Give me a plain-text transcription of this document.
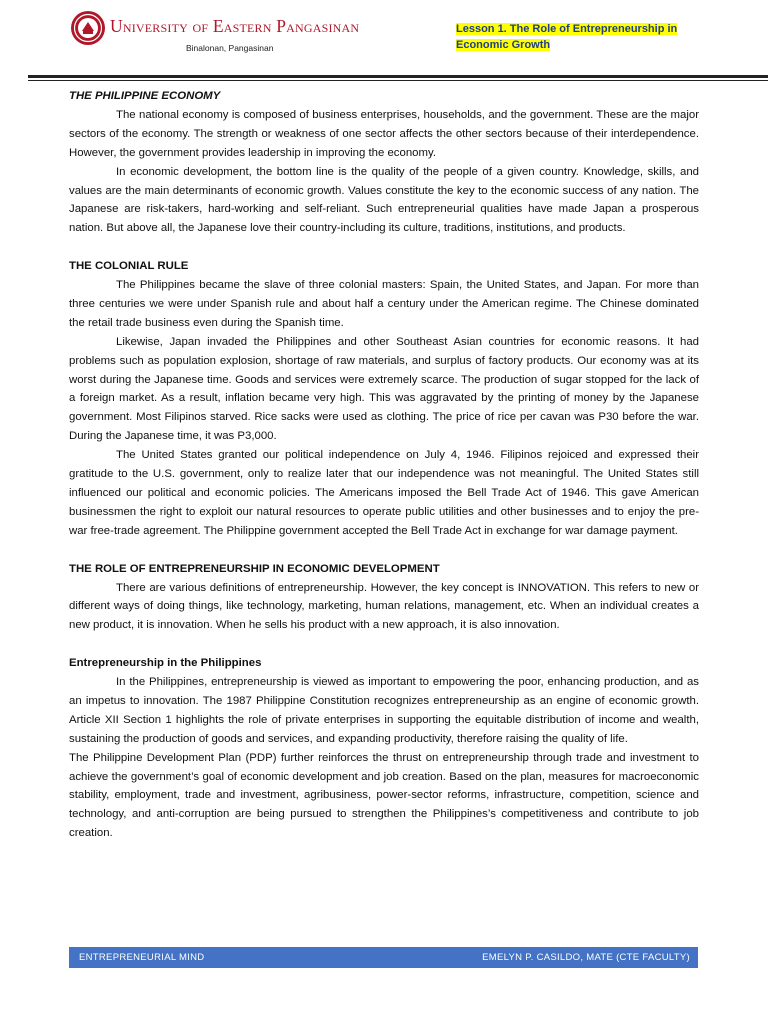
University of Eastern Pangasinan
Binalonan, Pangasinan
Lesson 1. The Role of Entrepreneurship in Economic Growth

THE PHILIPPINE ECONOMY

The national economy is composed of business enterprises, households, and the government. These are the major sectors of the economy. The strength or weakness of one sector affects the other sectors because of their interdependence. However, the government provides leadership in improving the economy.

In economic development, the bottom line is the quality of the people of a given country. Knowledge, skills, and values are the main determinants of economic growth. Values constitute the key to the economic success of any nation. The Japanese are risk-takers, hard-working and self-reliant. Such entrepreneurial qualities have made Japan a prosperous nation. But above all, the Japanese love their country-including its culture, traditions, institutions, and products.

THE COLONIAL RULE

The Philippines became the slave of three colonial masters: Spain, the United States, and Japan. For more than three centuries we were under Spanish rule and about half a century under the American regime. The Chinese dominated the retail trade business even during the Spanish time.

Likewise, Japan invaded the Philippines and other Southeast Asian countries for economic reasons. It had problems such as population explosion, shortage of raw materials, and surplus of factory products. Our economy was at its worst during the Japanese time. Goods and services were extremely scarce. The production of sugar stopped for the lack of a foreign market. As a result, inflation became very high. This was aggravated by the printing of money by the Japanese government. Most Filipinos starved. Rice sacks were used as clothing. The price of rice per cavan was P30 before the war. During the Japanese time, it was P3,000.

The United States granted our political independence on July 4, 1946. Filipinos rejoiced and expressed their gratitude to the U.S. government, only to realize later that our independence was not meaningful. The United States still influenced our political and economic policies. The Americans imposed the Bell Trade Act of 1946. This gave American businessmen the right to exploit our natural resources to operate public utilities and other businesses and to enjoy the pre-war free-trade agreement. The Philippine government accepted the Bell Trade Act in exchange for war damage payment.

THE ROLE OF ENTREPRENEURSHIP IN ECONOMIC DEVELOPMENT

There are various definitions of entrepreneurship. However, the key concept is INNOVATION. This refers to new or different ways of doing things, like technology, marketing, human relations, management, etc. When an individual creates a new product, it is innovation. When he sells his product with a new approach, it is also innovation.

Entrepreneurship in the Philippines

In the Philippines, entrepreneurship is viewed as important to empowering the poor, enhancing production, and as an impetus to innovation. The 1987 Philippine Constitution recognizes entrepreneurship as an engine of economic growth. Article XII Section 1 highlights the role of private enterprises in supporting the equitable distribution of income and wealth, sustaining the production of goods and services, and expanding productivity, therefore raising the quality of life.

The Philippine Development Plan (PDP) further reinforces the thrust on entrepreneurship through trade and investment to achieve the government’s goal of economic development and job creation. Based on the plan, measures for macroeconomic stability, employment, trade and investment, agribusiness, power-sector reforms, infrastructure, competition, science and technology, and anti-corruption are being pursued to strengthen the Philippines’s competitiveness and contribute to job creation.

ENTREPRENEURIAL MIND	EMELYN P. CASILDO, MATE (CTE FACULTY)
